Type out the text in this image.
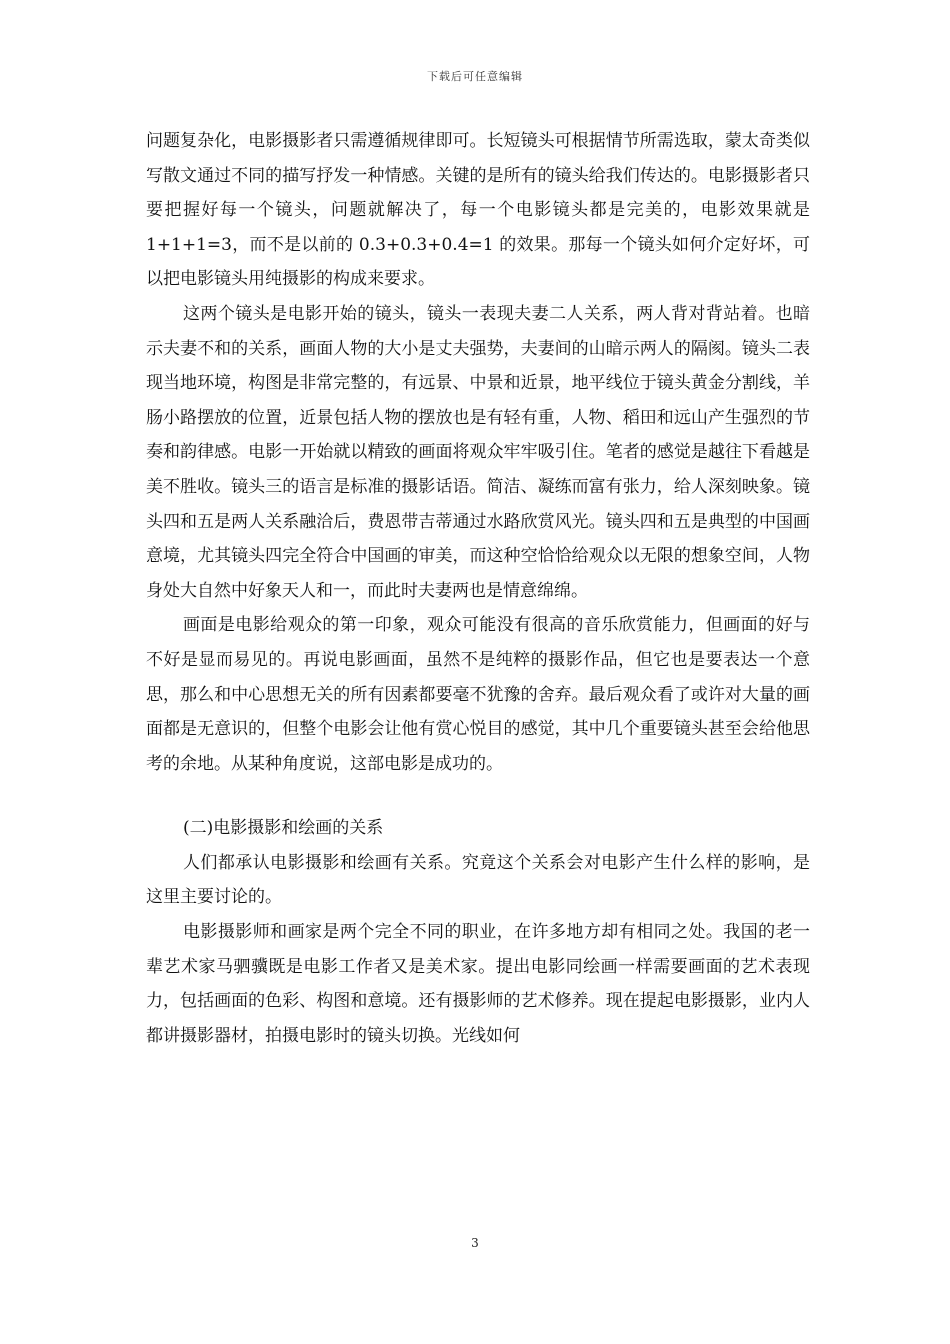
下载后可任意编辑

问题复杂化，电影摄影者只需遵循规律即可。长短镜头可根据情节所需选取，蒙太奇类似写散文通过不同的描写抒发一种情感。关键的是所有的镜头给我们传达的。电影摄影者只要把握好每一个镜头，问题就解决了，每一个电影镜头都是完美的，电影效果就是 1+1+1=3，而不是以前的 0.3+0.3+0.4=1 的效果。那每一个镜头如何介定好坏，可以把电影镜头用纯摄影的构成来要求。

这两个镜头是电影开始的镜头，镜头一表现夫妻二人关系，两人背对背站着。也暗示夫妻不和的关系，画面人物的大小是丈夫强势，夫妻间的山暗示两人的隔阂。镜头二表现当地环境，构图是非常完整的，有远景、中景和近景，地平线位于镜头黄金分割线，羊肠小路摆放的位置，近景包括人物的摆放也是有轻有重，人物、稻田和远山产生强烈的节奏和韵律感。电影一开始就以精致的画面将观众牢牢吸引住。笔者的感觉是越往下看越是美不胜收。镜头三的语言是标准的摄影话语。简洁、凝练而富有张力，给人深刻映象。镜头四和五是两人关系融洽后，费恩带吉蒂通过水路欣赏风光。镜头四和五是典型的中国画意境，尤其镜头四完全符合中国画的审美，而这种空恰恰给观众以无限的想象空间，人物身处大自然中好象天人和一，而此时夫妻两也是情意绵绵。

画面是电影给观众的第一印象，观众可能没有很高的音乐欣赏能力，但画面的好与不好是显而易见的。再说电影画面，虽然不是纯粹的摄影作品，但它也是要表达一个意思，那么和中心思想无关的所有因素都要毫不犹豫的舍弃。最后观众看了或许对大量的画面都是无意识的，但整个电影会让他有赏心悦目的感觉，其中几个重要镜头甚至会给他思考的余地。从某种角度说，这部电影是成功的。

(二)电影摄影和绘画的关系

人们都承认电影摄影和绘画有关系。究竟这个关系会对电影产生什么样的影响，是这里主要讨论的。

电影摄影师和画家是两个完全不同的职业，在许多地方却有相同之处。我国的老一辈艺术家马驷骥既是电影工作者又是美术家。提出电影同绘画一样需要画面的艺术表现力，包括画面的色彩、构图和意境。还有摄影师的艺术修养。现在提起电影摄影，业内人都讲摄影器材，拍摄电影时的镜头切换。光线如何

3
